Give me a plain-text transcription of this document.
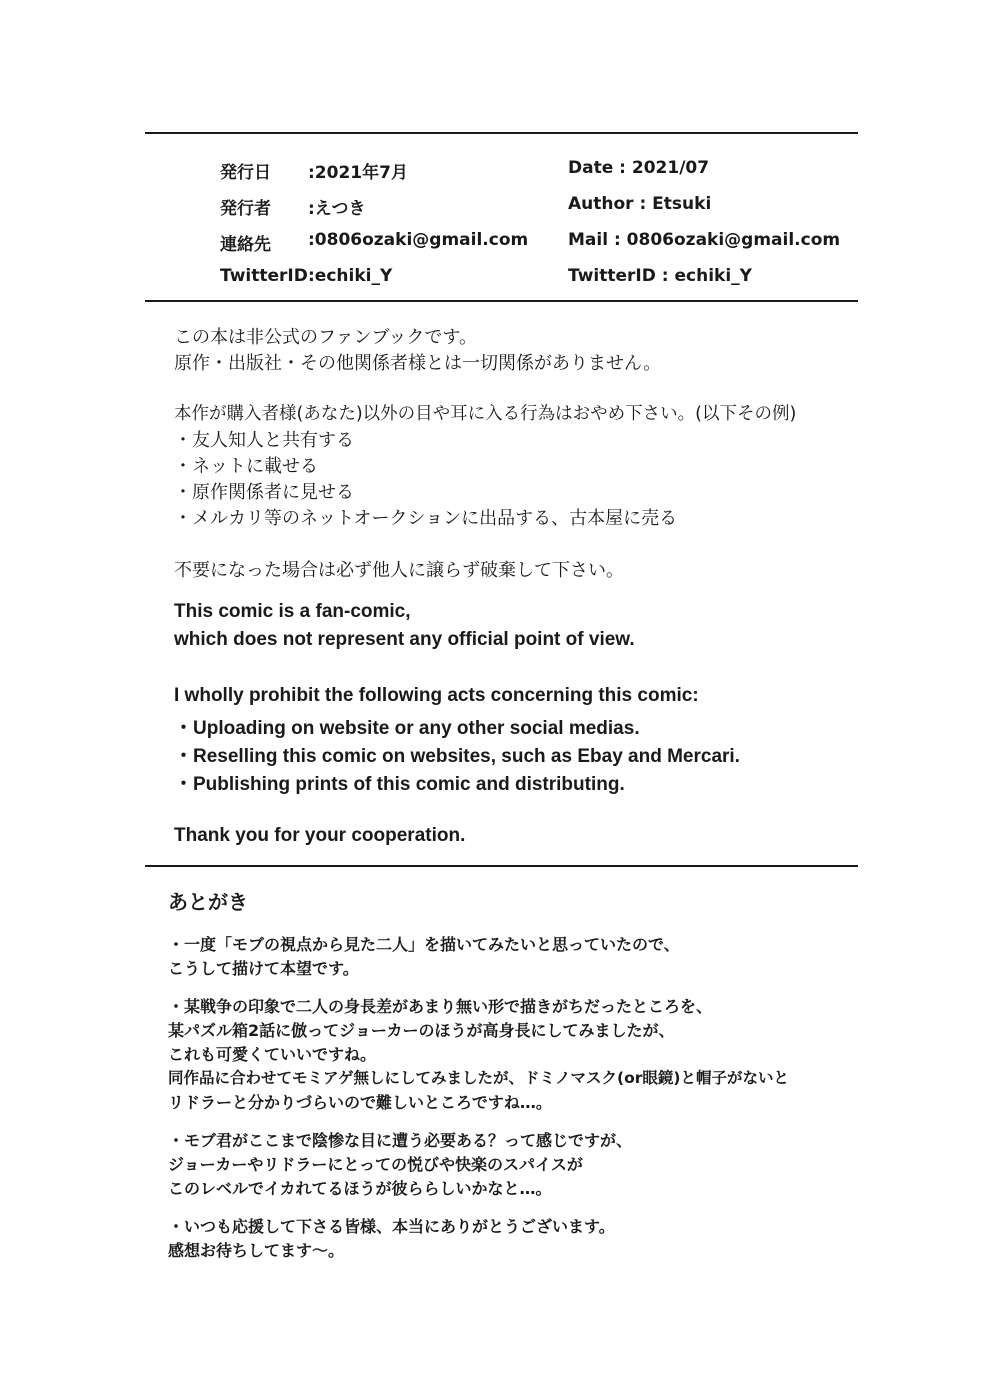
発行日 :2021年7月
発行者 :えつき
連絡先 :0806ozaki@gmail.com
TwitterID :echiki_Y
Date : 2021/07
Author : Etsuki
Mail : 0806ozaki@gmail.com
TwitterID : echiki_Y
この本は非公式のファンブックです。
原作・出版社・その他関係者様とは一切関係がありません。
本作が購入者様(あなた)以外の目や耳に入る行為はおやめ下さい。(以下その例)
・友人知人と共有する
・ネットに載せる
・原作関係者に見せる
・メルカリ等のネットオークションに出品する、古本屋に売る
不要になった場合は必ず他人に譲らず破棄して下さい。
This comic is a fan-comic,
which does not represent any official point of view.
I wholly prohibit the following acts concerning this comic:
・Uploading on website or any other social medias.
・Reselling this comic on websites, such as Ebay and Mercari.
・Publishing prints of this comic and distributing.
Thank you for your cooperation.
あとがき
・一度「モブの視点から見た二人」を描いてみたいと思っていたので、
こうして描けて本望です。
・某戦争の印象で二人の身長差があまり無い形で描きがちだったところを、
某パズル箱2話に倣ってジョーカーのほうが高身長にしてみましたが、
これも可愛くていいですね。
同作品に合わせてモミアゲ無しにしてみましたが、ドミノマスク(or眼鏡)と帽子がないと
リドラーと分かりづらいので難しいところですね…。
・モブ君がここまで陰惨な目に遭う必要ある？って感じですが、
ジョーカーやリドラーにとっての悦びや快楽のスパイスが
このレベルでイカれてるほうが彼ららしいかなと…。
・いつも応援して下さる皆様、本当にありがとうございます。
感想お待ちしてます〜。
